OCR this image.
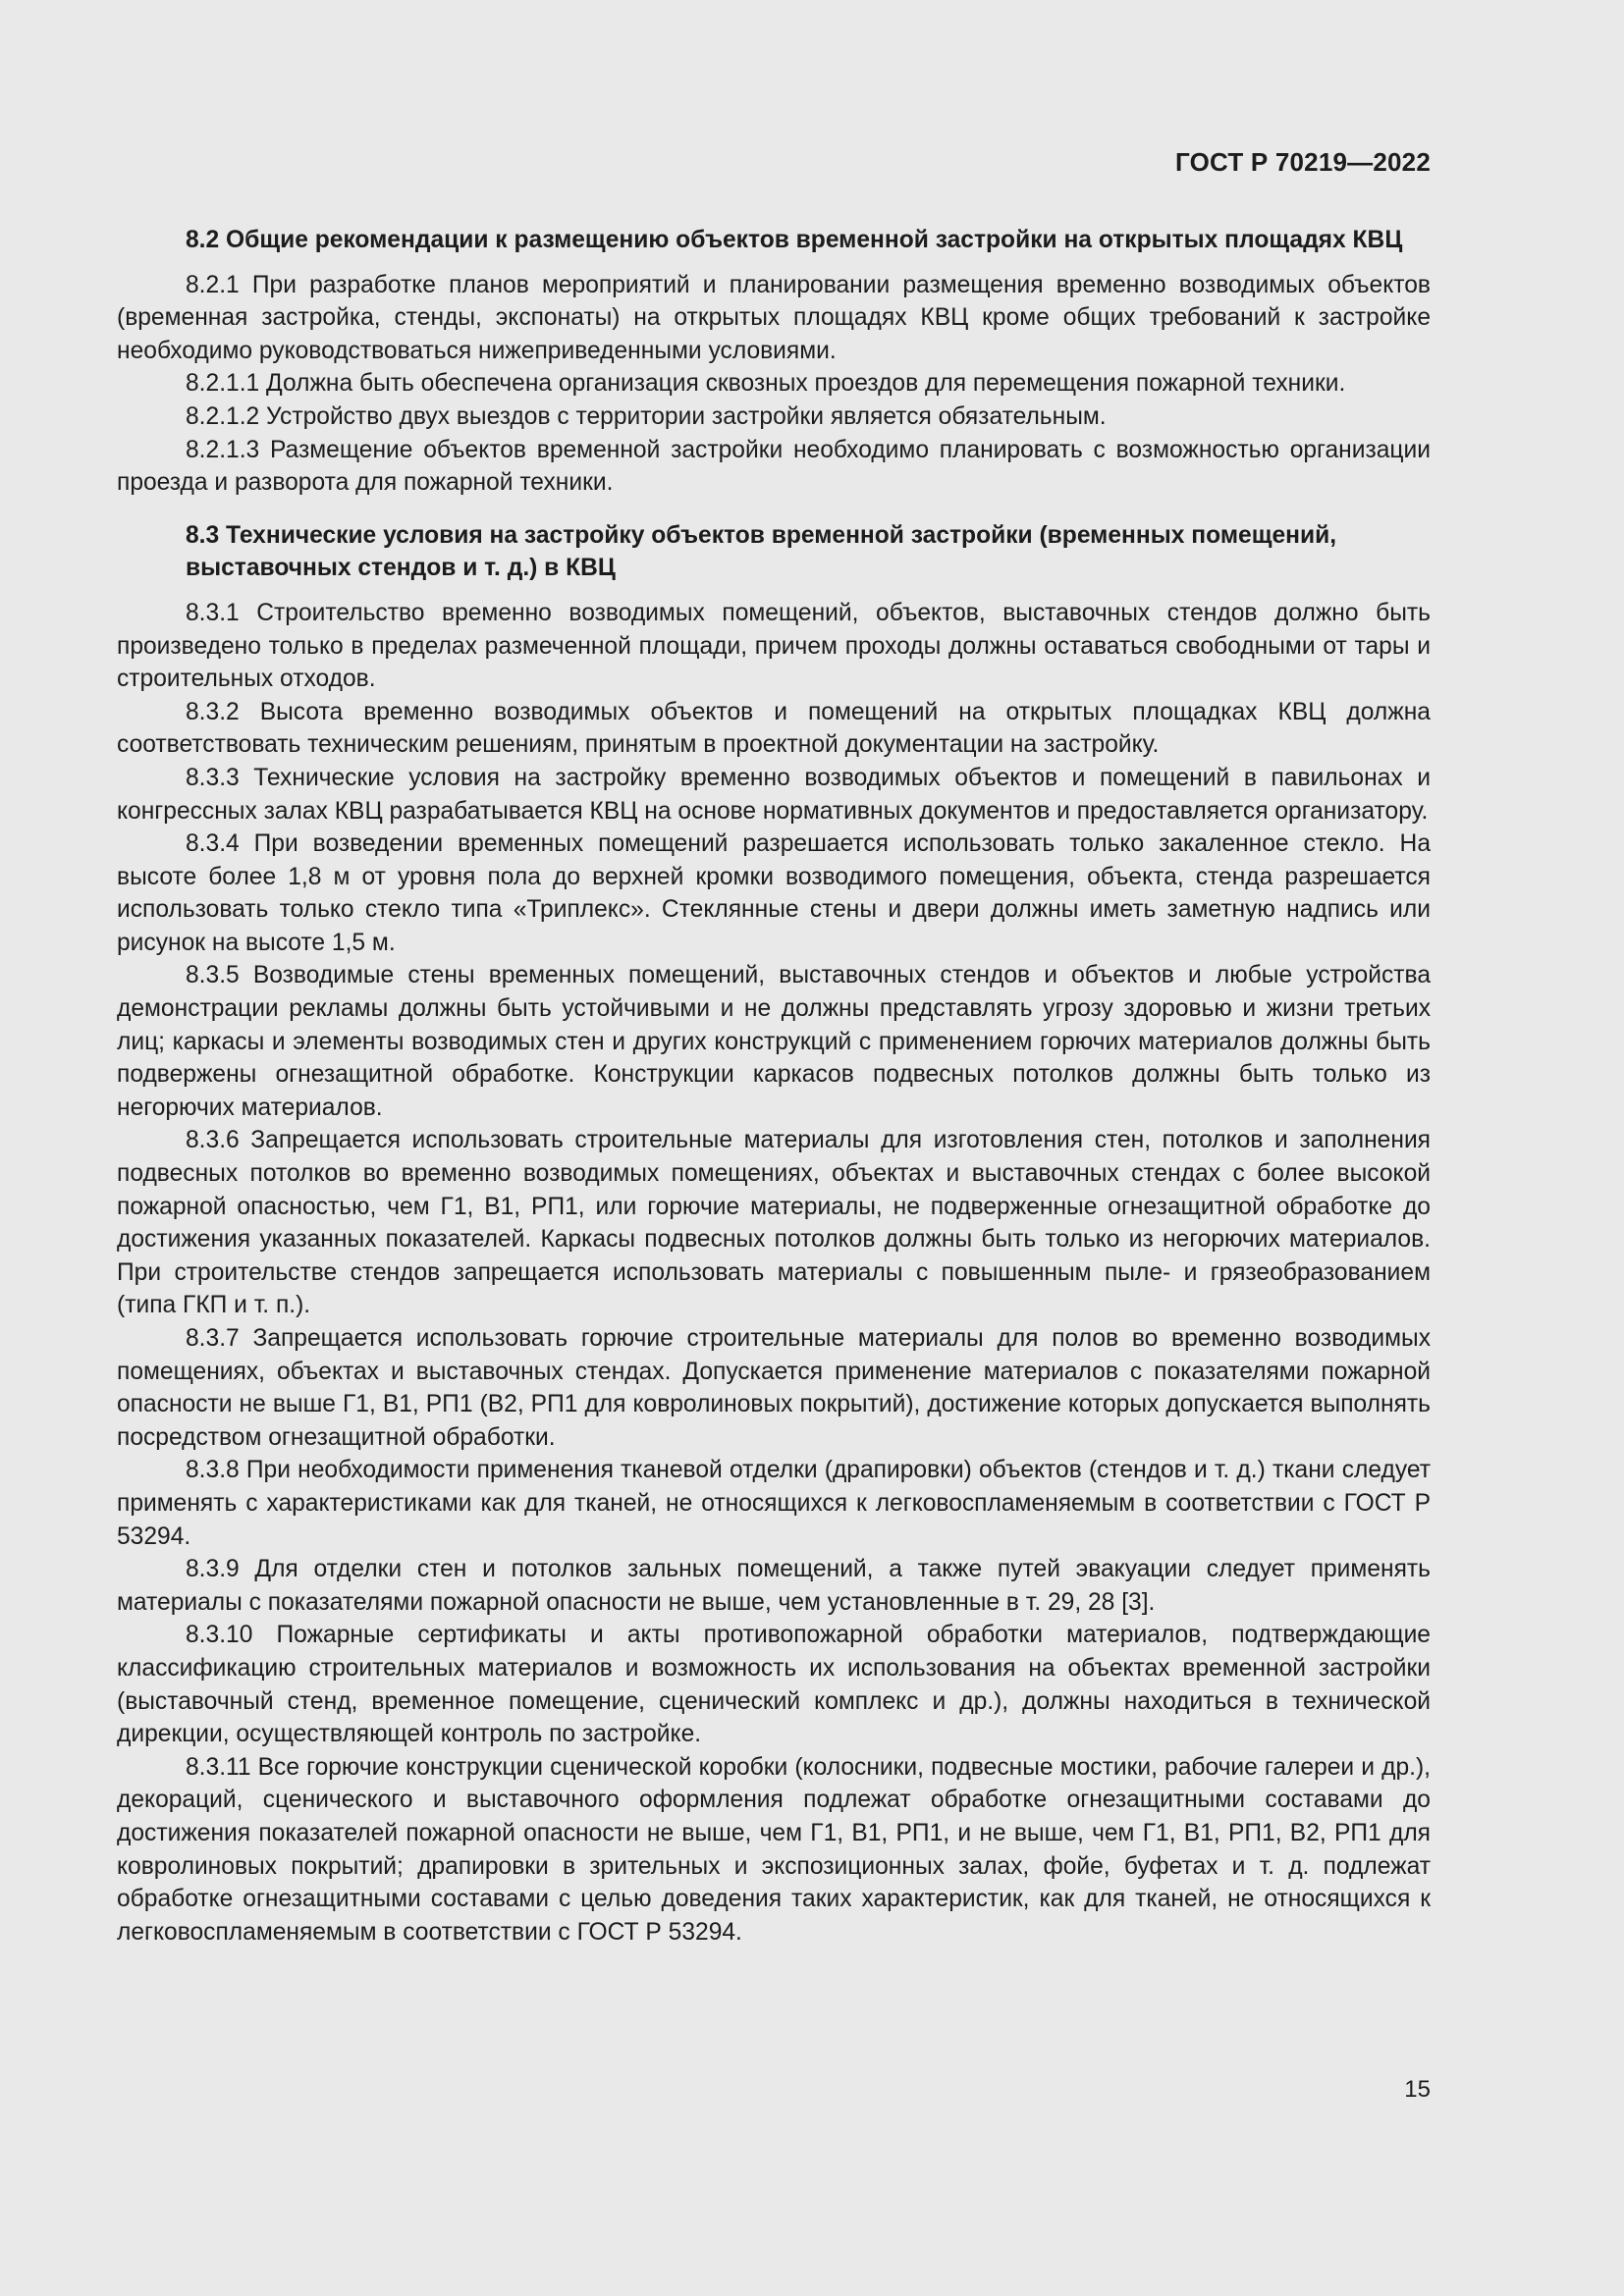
ГОСТ Р 70219—2022

8.2 Общие рекомендации к размещению объектов временной застройки на открытых площадях КВЦ

8.2.1 При разработке планов мероприятий и планировании размещения временно возводимых объектов (временная застройка, стенды, экспонаты) на открытых площадях КВЦ кроме общих требований к застройке необходимо руководствоваться нижеприведенными условиями.

8.2.1.1 Должна быть обеспечена организация сквозных проездов для перемещения пожарной техники.

8.2.1.2 Устройство двух выездов с территории застройки является обязательным.

8.2.1.3 Размещение объектов временной застройки необходимо планировать с возможностью организации проезда и разворота для пожарной техники.

8.3 Технические условия на застройку объектов временной застройки (временных помещений, выставочных стендов и т. д.) в КВЦ

8.3.1 Строительство временно возводимых помещений, объектов, выставочных стендов должно быть произведено только в пределах размеченной площади, причем проходы должны оставаться свободными от тары и строительных отходов.

8.3.2 Высота временно возводимых объектов и помещений на открытых площадках КВЦ должна соответствовать техническим решениям, принятым в проектной документации на застройку.

8.3.3 Технические условия на застройку временно возводимых объектов и помещений в павильонах и конгрессных залах КВЦ разрабатывается КВЦ на основе нормативных документов и предоставляется организатору.

8.3.4 При возведении временных помещений разрешается использовать только закаленное стекло. На высоте более 1,8 м от уровня пола до верхней кромки возводимого помещения, объекта, стенда разрешается использовать только стекло типа «Триплекс». Стеклянные стены и двери должны иметь заметную надпись или рисунок на высоте 1,5 м.

8.3.5 Возводимые стены временных помещений, выставочных стендов и объектов и любые устройства демонстрации рекламы должны быть устойчивыми и не должны представлять угрозу здоровью и жизни третьих лиц; каркасы и элементы возводимых стен и других конструкций с применением горючих материалов должны быть подвержены огнезащитной обработке. Конструкции каркасов подвесных потолков должны быть только из негорючих материалов.

8.3.6 Запрещается использовать строительные материалы для изготовления стен, потолков и заполнения подвесных потолков во временно возводимых помещениях, объектах и выставочных стендах с более высокой пожарной опасностью, чем Г1, В1, РП1, или горючие материалы, не подверженные огнезащитной обработке до достижения указанных показателей. Каркасы подвесных потолков должны быть только из негорючих материалов. При строительстве стендов запрещается использовать материалы с повышенным пыле- и грязеобразованием (типа ГКП и т. п.).

8.3.7 Запрещается использовать горючие строительные материалы для полов во временно возводимых помещениях, объектах и выставочных стендах. Допускается применение материалов с показателями пожарной опасности не выше Г1, В1, РП1 (В2, РП1 для ковролиновых покрытий), достижение которых допускается выполнять посредством огнезащитной обработки.

8.3.8 При необходимости применения тканевой отделки (драпировки) объектов (стендов и т. д.) ткани следует применять с характеристиками как для тканей, не относящихся к легковоспламеняемым в соответствии с ГОСТ Р 53294.

8.3.9 Для отделки стен и потолков зальных помещений, а также путей эвакуации следует применять материалы с показателями пожарной опасности не выше, чем установленные в т. 29, 28 [3].

8.3.10 Пожарные сертификаты и акты противопожарной обработки материалов, подтверждающие классификацию строительных материалов и возможность их использования на объектах временной застройки (выставочный стенд, временное помещение, сценический комплекс и др.), должны находиться в технической дирекции, осуществляющей контроль по застройке.

8.3.11 Все горючие конструкции сценической коробки (колосники, подвесные мостики, рабочие галереи и др.), декораций, сценического и выставочного оформления подлежат обработке огнезащитными составами до достижения показателей пожарной опасности не выше, чем Г1, В1, РП1, и не выше, чем Г1, В1, РП1, В2, РП1 для ковролиновых покрытий; драпировки в зрительных и экспозиционных залах, фойе, буфетах и т. д. подлежат обработке огнезащитными составами с целью доведения таких характеристик, как для тканей, не относящихся к легковоспламеняемым в соответствии с ГОСТ Р 53294.

15
